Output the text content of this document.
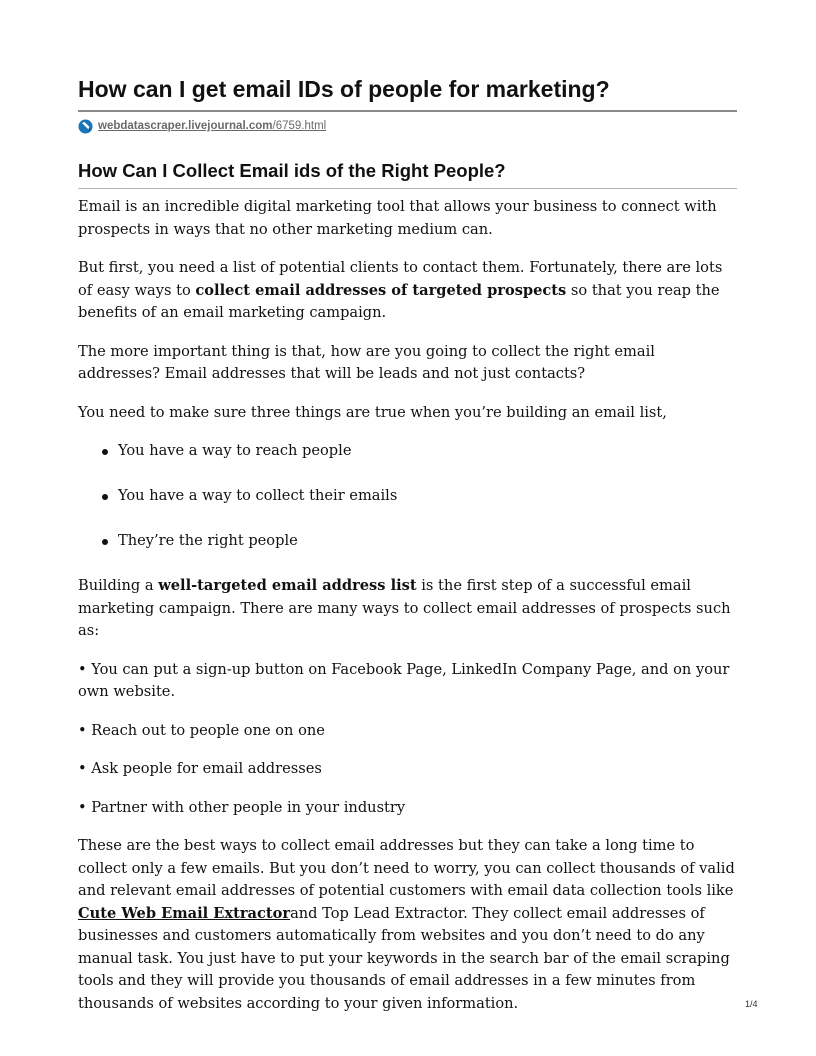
How can I get email IDs of people for marketing?
webdatascraper.livejournal.com /6759.html
How Can I Collect Email ids of the Right People?

Email is an incredible digital marketing tool that allows your business to connect with prospects in ways that no other marketing medium can.

But first, you need a list of potential clients to contact them. Fortunately, there are lots of easy ways to collect email addresses of targeted prospects so that you reap the benefits of an email marketing campaign.

The more important thing is that, how are you going to collect the right email addresses? Email addresses that will be leads and not just contacts?

You need to make sure three things are true when you’re building an email list,

You have a way to reach people
You have a way to collect their emails
They’re the right people

Building a well-targeted email address list is the first step of a successful email marketing campaign. There are many ways to collect email addresses of prospects such as:

• You can put a sign-up button on Facebook Page, LinkedIn Company Page, and on your own website.

• Reach out to people one on one

• Ask people for email addresses

• Partner with other people in your industry

These are the best ways to collect email addresses but they can take a long time to collect only a few emails. But you don’t need to worry, you can collect thousands of valid and relevant email addresses of potential customers with email data collection tools like Cute Web Email Extractorand Top Lead Extractor. They collect email addresses of businesses and customers automatically from websites and you don’t need to do any manual task. You just have to put your keywords in the search bar of the email scraping tools and they will provide you thousands of email addresses in a few minutes from thousands of websites according to your given information.	1/4
